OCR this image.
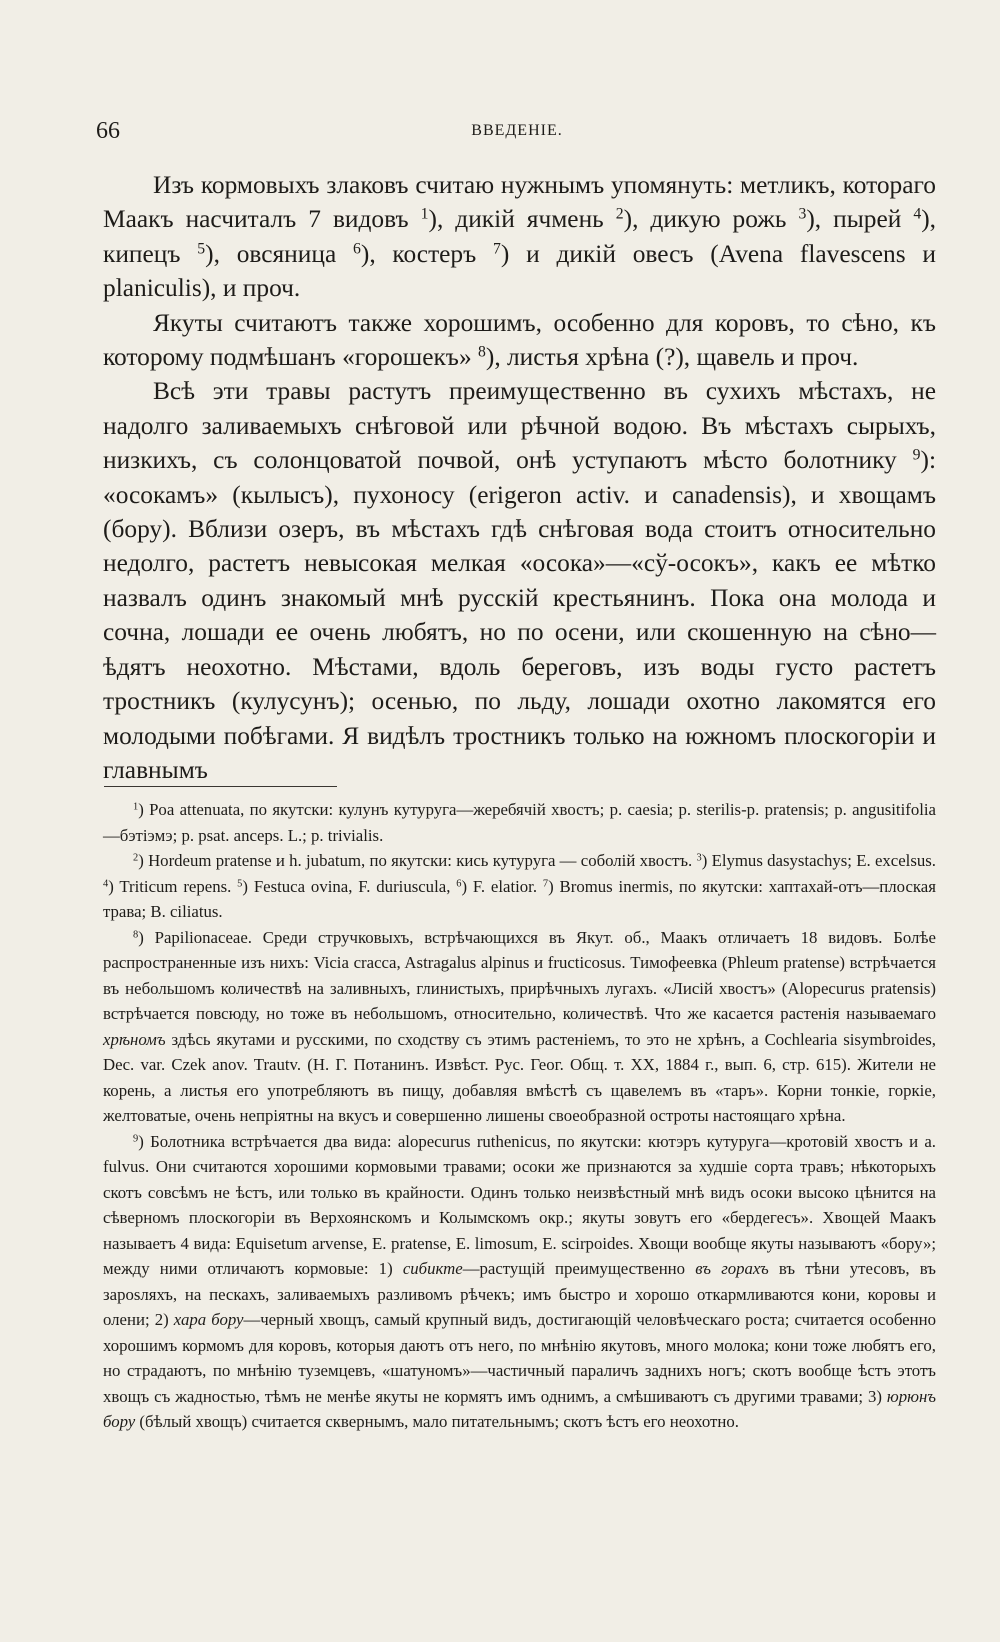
66	ВВЕДЕНІЕ.

Изъ кормовыхъ злаковъ считаю нужнымъ упомянуть: метликъ, котораго Маакъ насчиталъ 7 видовъ $^1$), дикій ячмень $^2$), дикую рожь $^3$), пырей $^4$), кипецъ $^5$), овсяница $^6$), костеръ $^7$) и дикій овесъ (Avena flavescens и planiculis), и проч.

Якуты считаютъ также хорошимъ, особенно для коровъ, то сѣно, къ которому подмѣшанъ «горошекъ» $^8$), листья хрѣна (?), щавель и проч.

Всѣ эти травы растутъ преимущественно въ сухихъ мѣстахъ, не надолго заливаемыхъ снѣговой или рѣчной водою. Въ мѣстахъ сырыхъ, низкихъ, съ солонцоватой почвой, онѣ уступаютъ мѣсто болотнику $^9$): «осокамъ» (кылысъ), пухоносу (erigeron activ. и canadensis), и хвощамъ (бору). Вблизи озеръ, въ мѣстахъ гдѣ снѣговая вода стоитъ относительно недолго, растетъ невысокая мелкая «осока»—«сў-осокъ», какъ ее мѣтко назвалъ одинъ знакомый мнѣ русскій крестьянинъ. Пока она молода и сочна, лошади ее очень любятъ, но по осени, или скошенную на сѣно—ѣдятъ неохотно. Мѣстами, вдоль береговъ, изъ воды густо растетъ тростникъ (кулусунъ); осенью, по льду, лошади охотно лакомятся его молодыми побѣгами. Я видѣлъ тростникъ только на южномъ плоскогоріи и главнымъ

$^1$) Poa attenuata, по якутски: кулунъ кутуруга—жеребячій хвостъ; p. caesia; p. sterilis-p. pratensis; p. angusitifolia—бэтіэмэ; p. psat. anceps. L.; p. trivialis.

$^2$) Hordeum pratense и h. jubatum, по якутски: кись кутуруга — соболій хвостъ. $^3$) Elymus dasystachys; E. excelsus. $^4$) Triticum repens. $^5$) Festuca ovina, F. duriuscula, $^6$) F. elatior. $^7$) Bromus inermis, по якутски: хаптахай-отъ—плоская трава; B. ciliatus.

$^8$) Papilionaceae. Среди стручковыхъ, встрѣчающихся въ Якут. об., Маакъ отличаетъ 18 видовъ. Болѣе распространенные изъ нихъ: Vicia cracca, Astragalus alpinus и fructicosus. Тимофеевка (Phleum pratense) встрѣчается въ небольшомъ количествѣ на заливныхъ, глинистыхъ, прирѣчныхъ лугахъ. «Лисій хвостъ» (Alopecurus pratensis) встрѣчается повсюду, но тоже въ небольшомъ, относительно, количествѣ. Что же касается растенія называемаго хрѣномъ здѣсь якутами и русскими, по сходству съ этимъ растеніемъ, то это не хрѣнъ, а Cochlearia sisymbroides, Dec. var. Czek anov. Trautv. (Н. Г. Потанинъ. Извѣст. Рус. Геог. Общ. т. XX, 1884 г., вып. 6, стр. 615). Жители не корень, а листья его употребляютъ въ пищу, добавляя вмѣстѣ съ щавелемъ въ «таръ». Корни тонкіе, горкіе, желтоватые, очень непріятны на вкусъ и совершенно лишены своеобразной остроты настоящаго хрѣна.

$^9$) Болотника встрѣчается два вида: alopecurus ruthenicus, по якутски: кютэръ кутуруга—кротовій хвостъ и a. fulvus. Они считаются хорошими кормовыми травами; осоки же признаются за худшіе сорта травъ; нѣкоторыхъ скотъ совсѣмъ не ѣстъ, или только въ крайности. Одинъ только неизвѣстный мнѣ видъ осоки высоко цѣнится на сѣверномъ плоскогоріи въ Верхоянскомъ и Колымскомъ окр.; якуты зовутъ его «бердегесъ». Хвощей Маакъ называетъ 4 вида: Equisetum arvense, E. pratense, E. limosum, E. scirpoides. Хвощи вообще якуты называютъ «бору»; между ними отличаютъ кормовые: 1) сибикте—растущій преимущественно въ горахъ въ тѣни утесовъ, въ зарosляхъ, на пескахъ, заливаемыхъ разливомъ рѣчекъ; имъ быстро и хорошо откармливаются кони, коровы и олени; 2) хара бору—черный хвощъ, самый крупный видъ, достигающій человѣческаго роста; считается особенно хорошимъ кормомъ для коровъ, которыя даютъ отъ него, по мнѣнію якутовъ, много молока; кони тоже любятъ его, но страдаютъ, по мнѣнію туземцевъ, «шатуномъ»—частичный параличъ заднихъ ногъ; скотъ вообще ѣстъ этотъ хвощъ съ жадностью, тѣмъ не менѣе якуты не кормятъ имъ однимъ, а смѣшиваютъ съ другими травами; 3) юрюнъ бору (бѣлый хвощъ) считается сквернымъ, мало питательнымъ; скотъ ѣстъ его неохотно.
